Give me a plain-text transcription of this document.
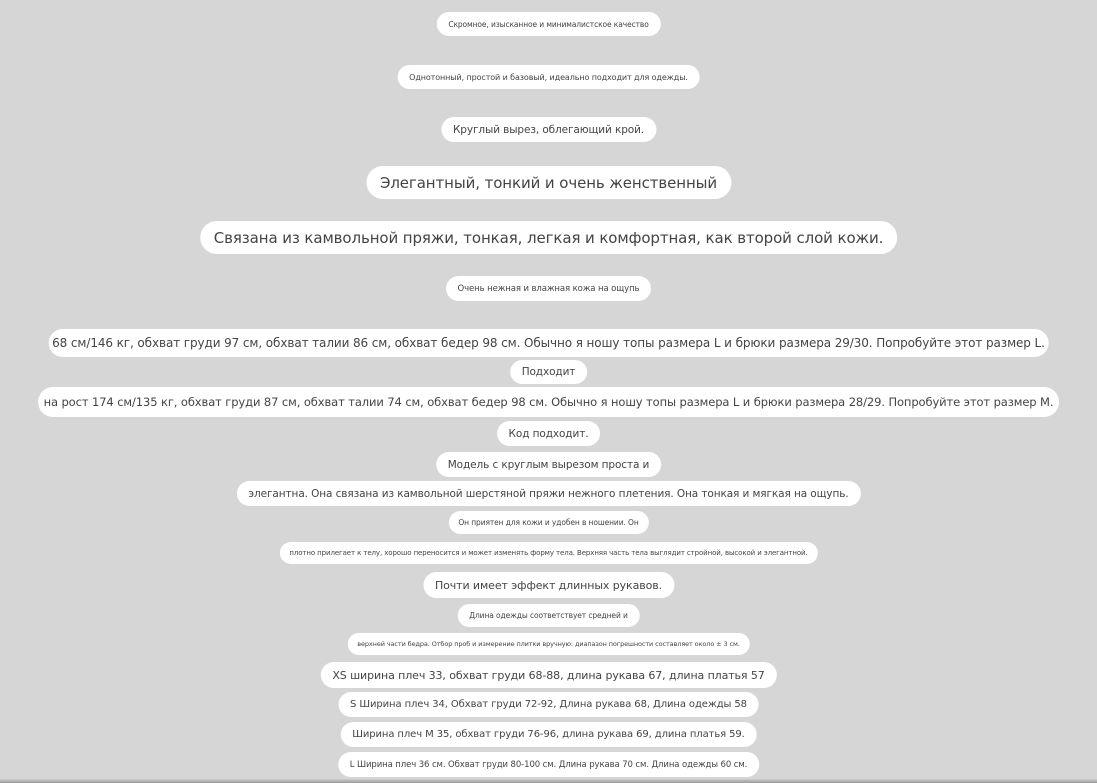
Скромное, изысканное и минималистское качество
Однотонный, простой и базовый, идеально подходит для одежды.
Круглый вырез, облегающий крой.
Элегантный, тонкий и очень женственный
Связана из камвольной пряжи, тонкая, легкая и комфортная, как второй слой кожи.
Очень нежная и влажная кожа на ощупь
68 см/146 кг, обхват груди 97 см, обхват талии 86 см, обхват бедер 98 см. Обычно я ношу топы размера L и брюки размера 29/30. Попробуйте этот размер L.
Подходит
на рост 174 см/135 кг, обхват груди 87 см, обхват талии 74 см, обхват бедер 98 см. Обычно я ношу топы размера L и брюки размера 28/29. Попробуйте этот размер M.
Код подходит.
Модель с круглым вырезом проста и
элегантна. Она связана из камвольной шерстяной пряжи нежного плетения. Она тонкая и мягкая на ощупь.
Он приятен для кожи и удобен в ношении. Он
плотно прилегает к телу, хорошо переносится и может изменять форму тела. Верхняя часть тела выглядит стройной, высокой и элегантной.
Почти имеет эффект длинных рукавов.
Длина одежды соответствует средней и
верхней части бедра. Отбор проб и измерение плитки вручную: диапазон погрешности составляет около ± 3 см.
XS ширина плеч 33, обхват груди 68-88, длина рукава 67, длина платья 57
S Ширина плеч 34, Обхват груди 72-92, Длина рукава 68, Длина одежды 58
Ширина плеч M 35, обхват груди 76-96, длина рукава 69, длина платья 59.
L Ширина плеч 36 см. Обхват груди 80-100 см. Длина рукава 70 см. Длина одежды 60 см.
